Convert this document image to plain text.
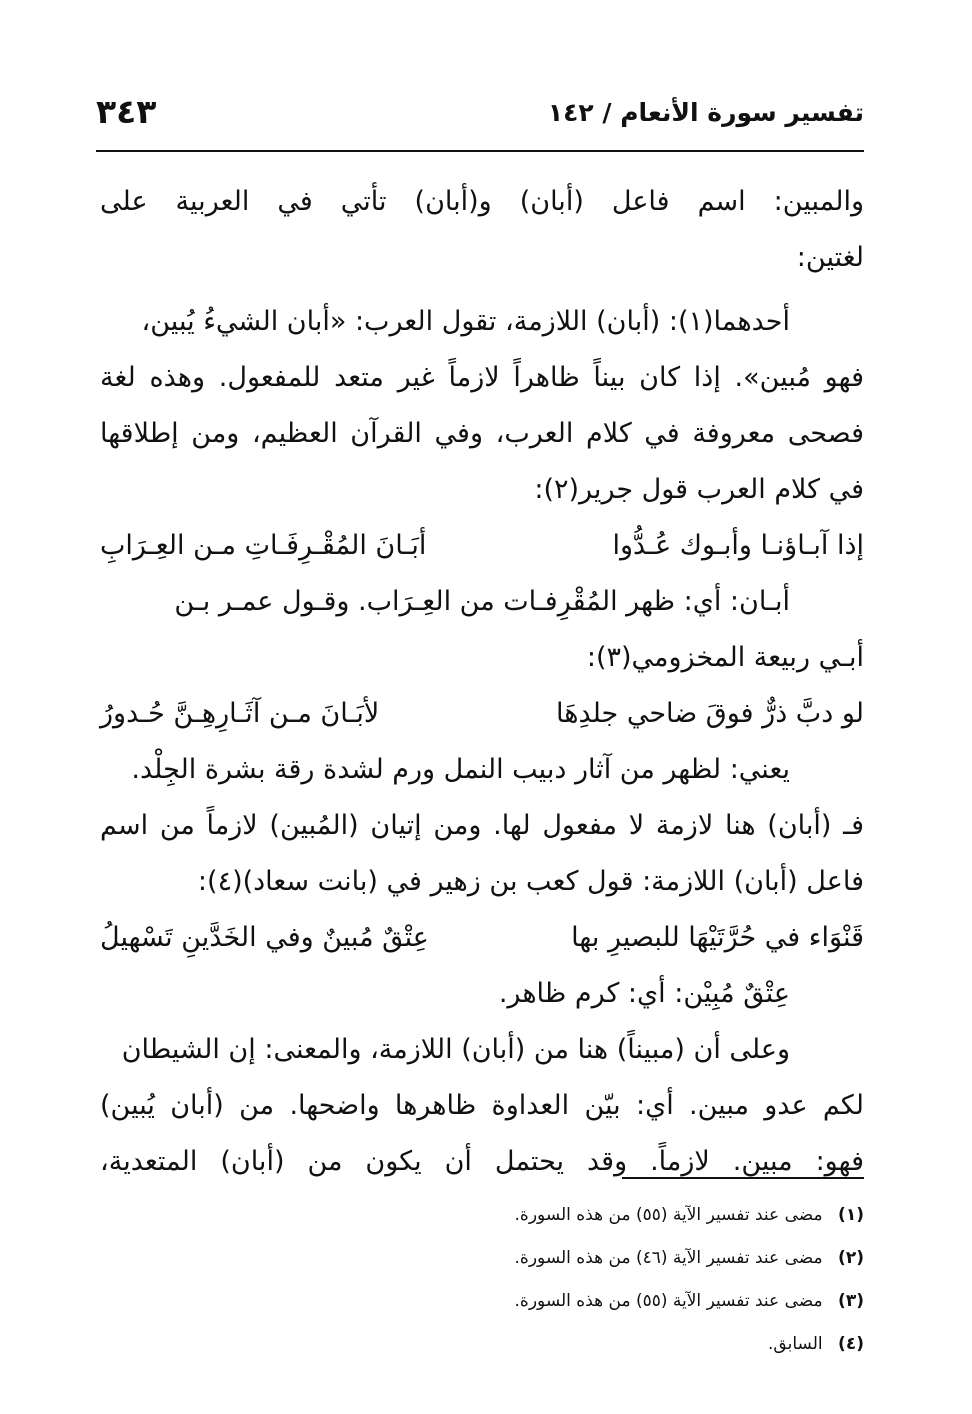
تفسير سورة الأنعام / ١٤٢
٣٤٣
والمبين: اسم فاعل (أبان) و(أبان) تأتي في العربية على
لغتين:
أحدهما(١): (أبان) اللازمة، تقول العرب: «أبان الشيءُ يُبين،
فهو مُبين». إذا كان بيناً ظاهراً لازماً غير متعد للمفعول. وهذه لغة
فصحى معروفة في كلام العرب، وفي القرآن العظيم، ومن إطلاقها
في كلام العرب قول جرير(٢):
إذا آبـاؤنـا وأبـوك عُـدُّوا
أبَـانَ المُقْـرِفَـاتِ مـن العِـرَابِ
أبـان: أي: ظهر المُقْرِفـات من العِـرَاب. وقـول عمـر بـن
أبـي ربيعة المخزومي(٣):
لو دبَّ ذرٌّ فوقَ ضاحي جلدِهَا
لأبَـانَ مـن آثَـارِهِـنَّ حُـدورُ
يعني: لظهر من آثار دبيب النمل ورم لشدة رقة بشرة الجِلْد.
فـ (أبان) هنا لازمة لا مفعول لها. ومن إتيان (المُبين) لازماً من اسم
فاعل (أبان) اللازمة: قول كعب بن زهير في (بانت سعاد)(٤):
قَنْوَاء في حُرَّتَيْهَا للبصيرِ بها
عِتْقٌ مُبينٌ وفي الخَدَّينِ تَسْهيلُ
عِتْقٌ مُبِيْن: أي: كرم ظاهر.
وعلى أن (مبيناً) هنا من (أبان) اللازمة، والمعنى: إن الشيطان
لكم عدو مبين. أي: بيّن العداوة ظاهرها واضحها. من (أبان يُبين)
فهو: مبين. لازماً. وقد يحتمل أن يكون من (أبان) المتعدية،
(١) مضى عند تفسير الآية (٥٥) من هذه السورة.
(٢) مضى عند تفسير الآية (٤٦) من هذه السورة.
(٣) مضى عند تفسير الآية (٥٥) من هذه السورة.
(٤) السابق.
